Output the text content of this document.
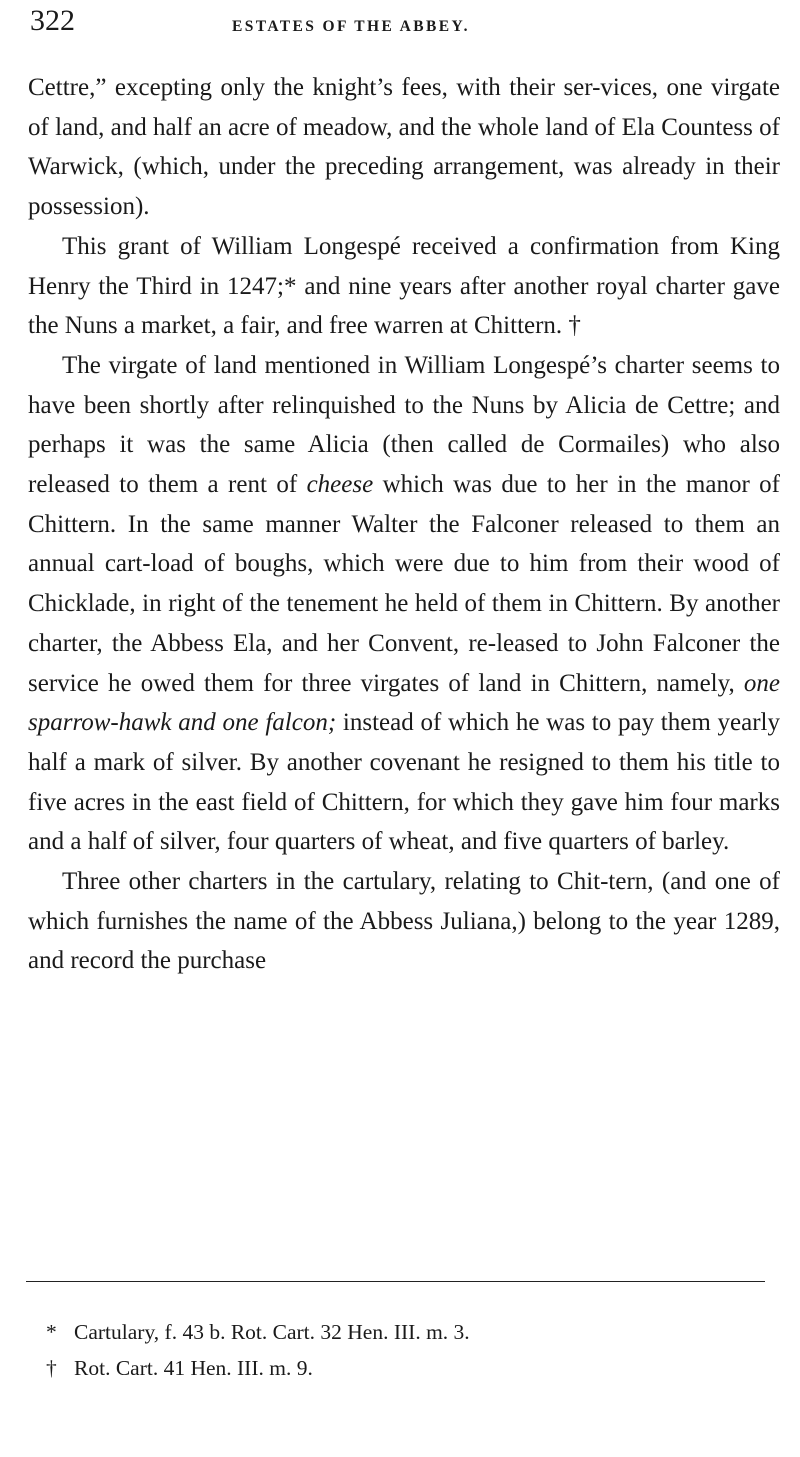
322	ESTATES OF THE ABBEY.

Cettre,” excepting only the knight’s fees, with their ser-vices, one virgate of land, and half an acre of meadow, and the whole land of Ela Countess of Warwick, (which, under the preceding arrangement, was already in their possession).

This grant of William Longespé received a confirmation from King Henry the Third in 1247;* and nine years after another royal charter gave the Nuns a market, a fair, and free warren at Chittern. †

The virgate of land mentioned in William Longespé’s charter seems to have been shortly after relinquished to the Nuns by Alicia de Cettre; and perhaps it was the same Alicia (then called de Cormailes) who also released to them a rent of cheese which was due to her in the manor of Chittern. In the same manner Walter the Falconer released to them an annual cart-load of boughs, which were due to him from their wood of Chicklade, in right of the tenement he held of them in Chittern. By another charter, the Abbess Ela, and her Convent, re-leased to John Falconer the service he owed them for three virgates of land in Chittern, namely, one sparrow-hawk and one falcon; instead of which he was to pay them yearly half a mark of silver. By another covenant he resigned to them his title to five acres in the east field of Chittern, for which they gave him four marks and a half of silver, four quarters of wheat, and five quarters of barley.

Three other charters in the cartulary, relating to Chit-tern, (and one of which furnishes the name of the Abbess Juliana,) belong to the year 1289, and record the purchase

* Cartulary, f. 43 b. Rot. Cart. 32 Hen. III. m. 3.
† Rot. Cart. 41 Hen. III. m. 9.
